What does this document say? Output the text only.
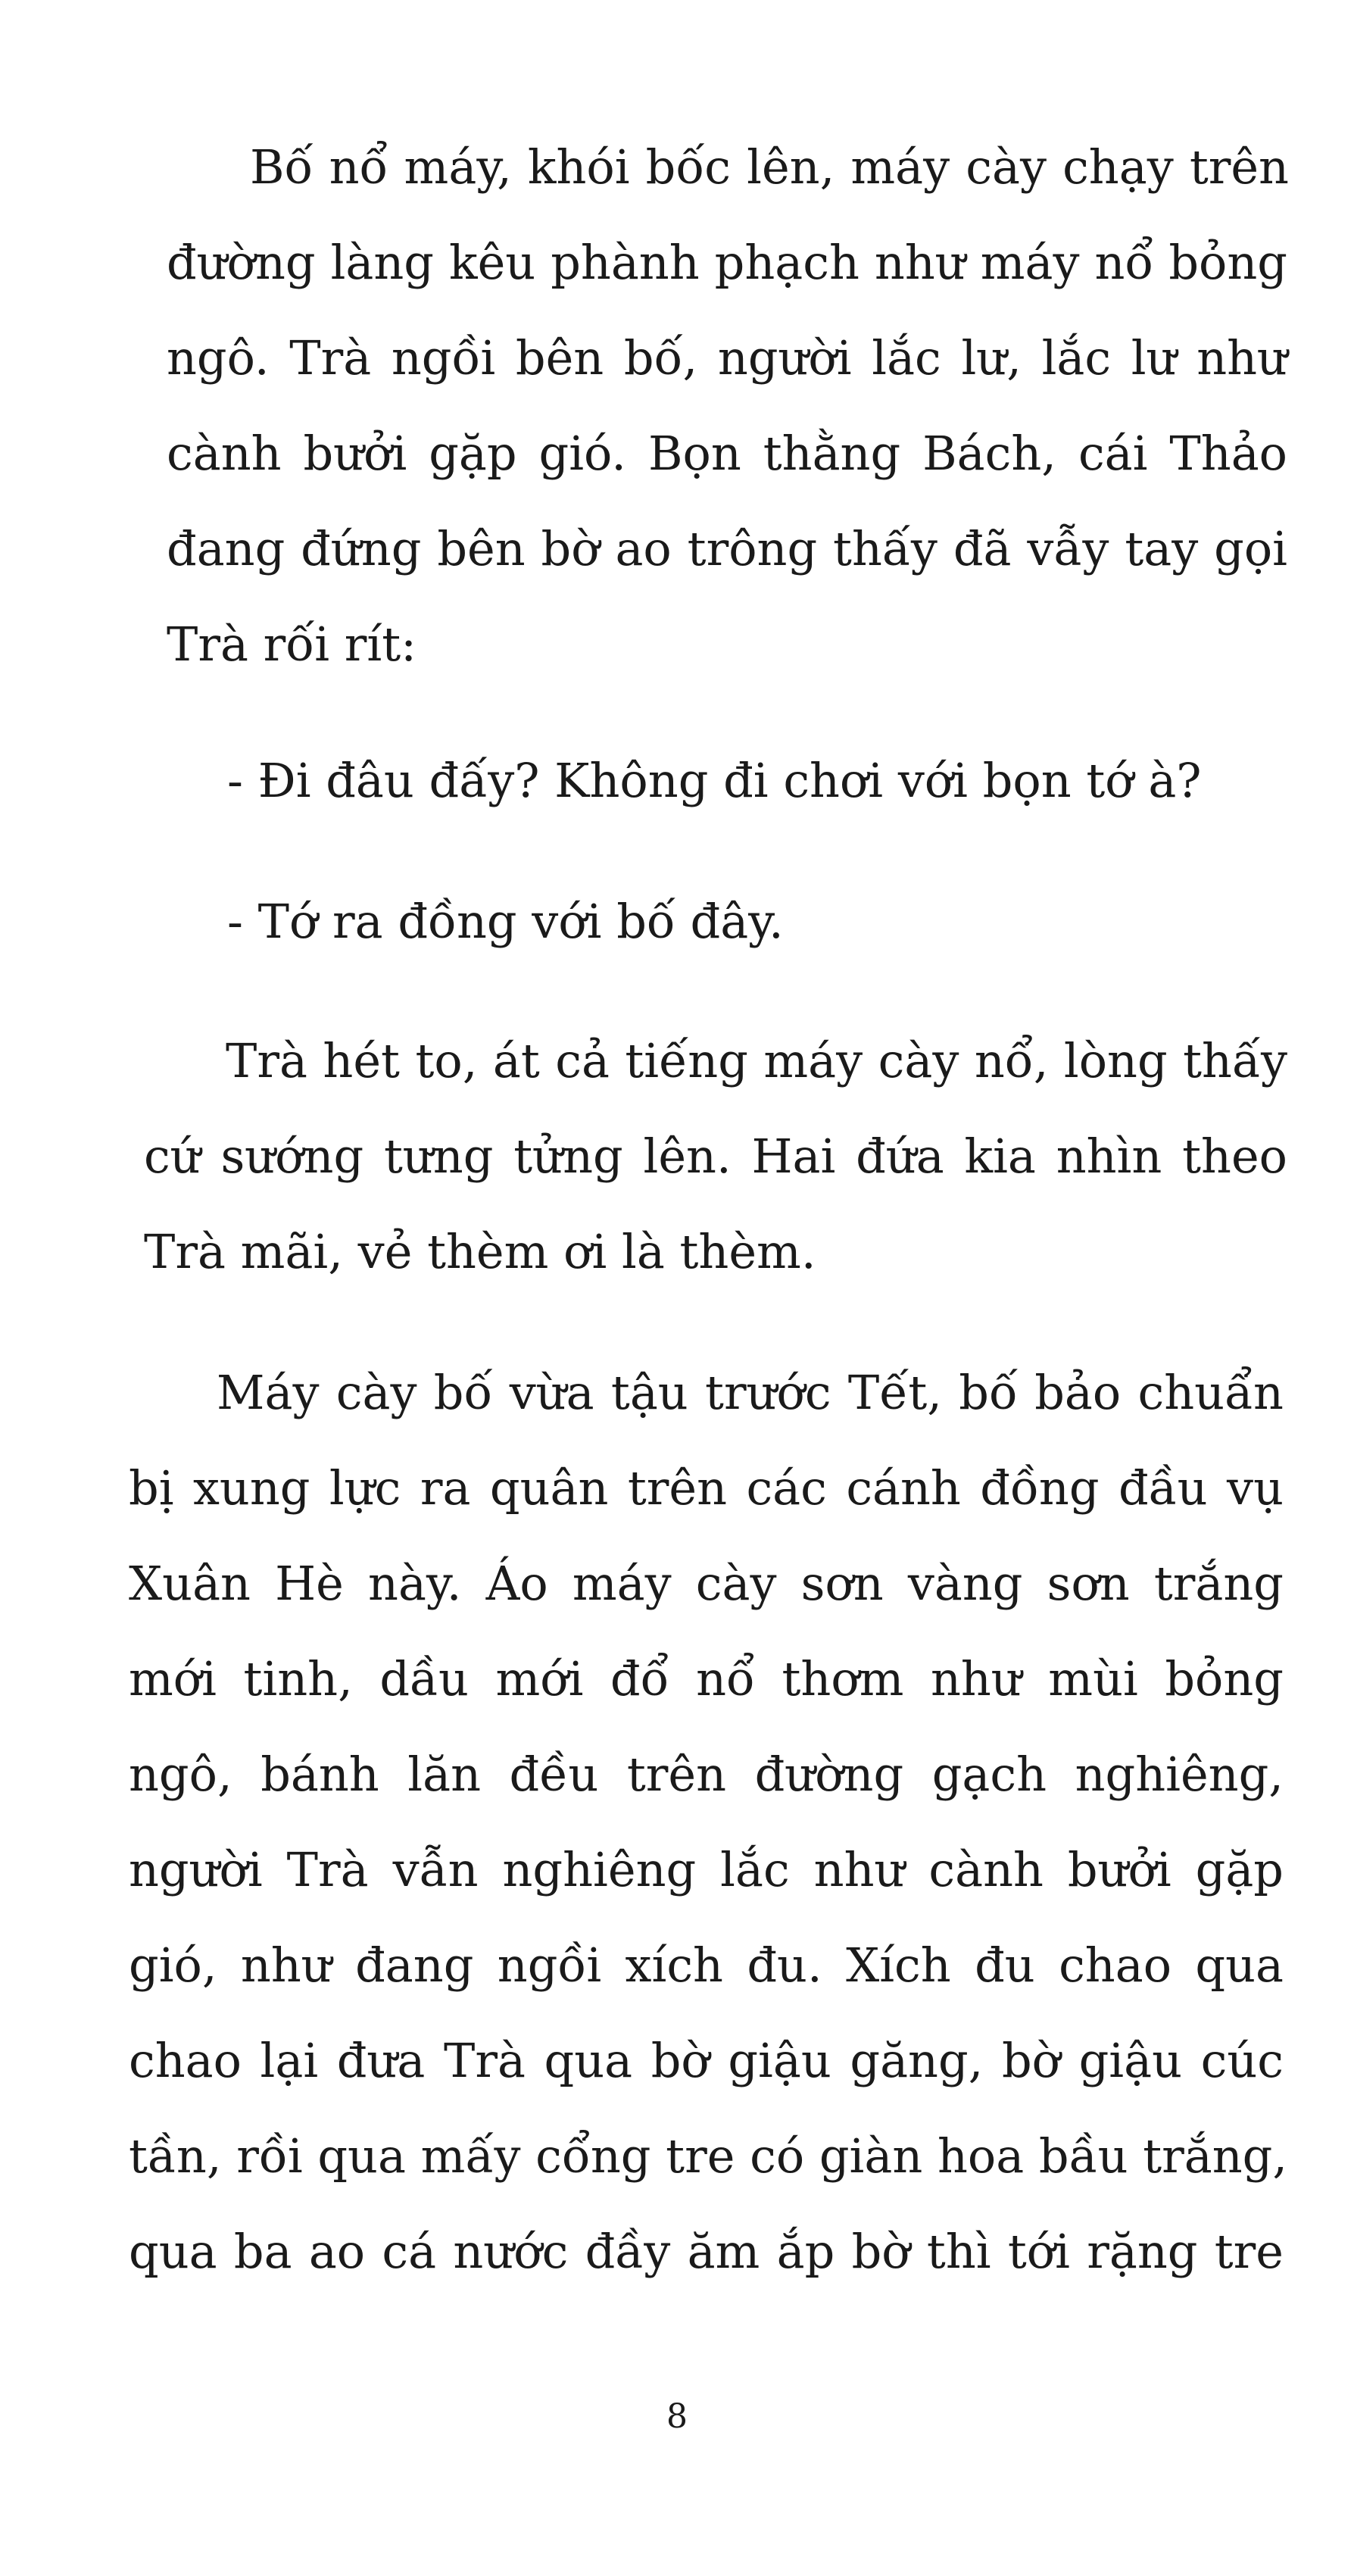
Bố nổ máy, khói bốc lên, máy cày chạy trên
đường làng kêu phành phạch như máy nổ bỏng
ngô. Trà ngồi bên bố, người lắc lư, lắc lư như
cành bưởi gặp gió. Bọn thằng Bách, cái Thảo
đang đứng bên bờ ao trông thấy đã vẫy tay gọi
Trà rối rít:
- Đi đâu đấy? Không đi chơi với bọn tớ à?
- Tớ ra đồng với bố đây.
Trà hét to, át cả tiếng máy cày nổ, lòng thấy
cứ sướng tưng tửng lên. Hai đứa kia nhìn theo
Trà mãi, vẻ thèm ơi là thèm.
Máy cày bố vừa tậu trước Tết, bố bảo chuẩn
bị xung lực ra quân trên các cánh đồng đầu vụ
Xuân Hè này. Áo máy cày sơn vàng sơn trắng
mới tinh, dầu mới đổ nổ thơm như mùi bỏng
ngô, bánh lăn đều trên đường gạch nghiêng,
người Trà vẫn nghiêng lắc như cành bưởi gặp
gió, như đang ngồi xích đu. Xích đu chao qua
chao lại đưa Trà qua bờ giậu găng, bờ giậu cúc
tần, rồi qua mấy cổng tre có giàn hoa bầu trắng,
qua ba ao cá nước đầy ăm ắp bờ thì tới rặng tre
8
